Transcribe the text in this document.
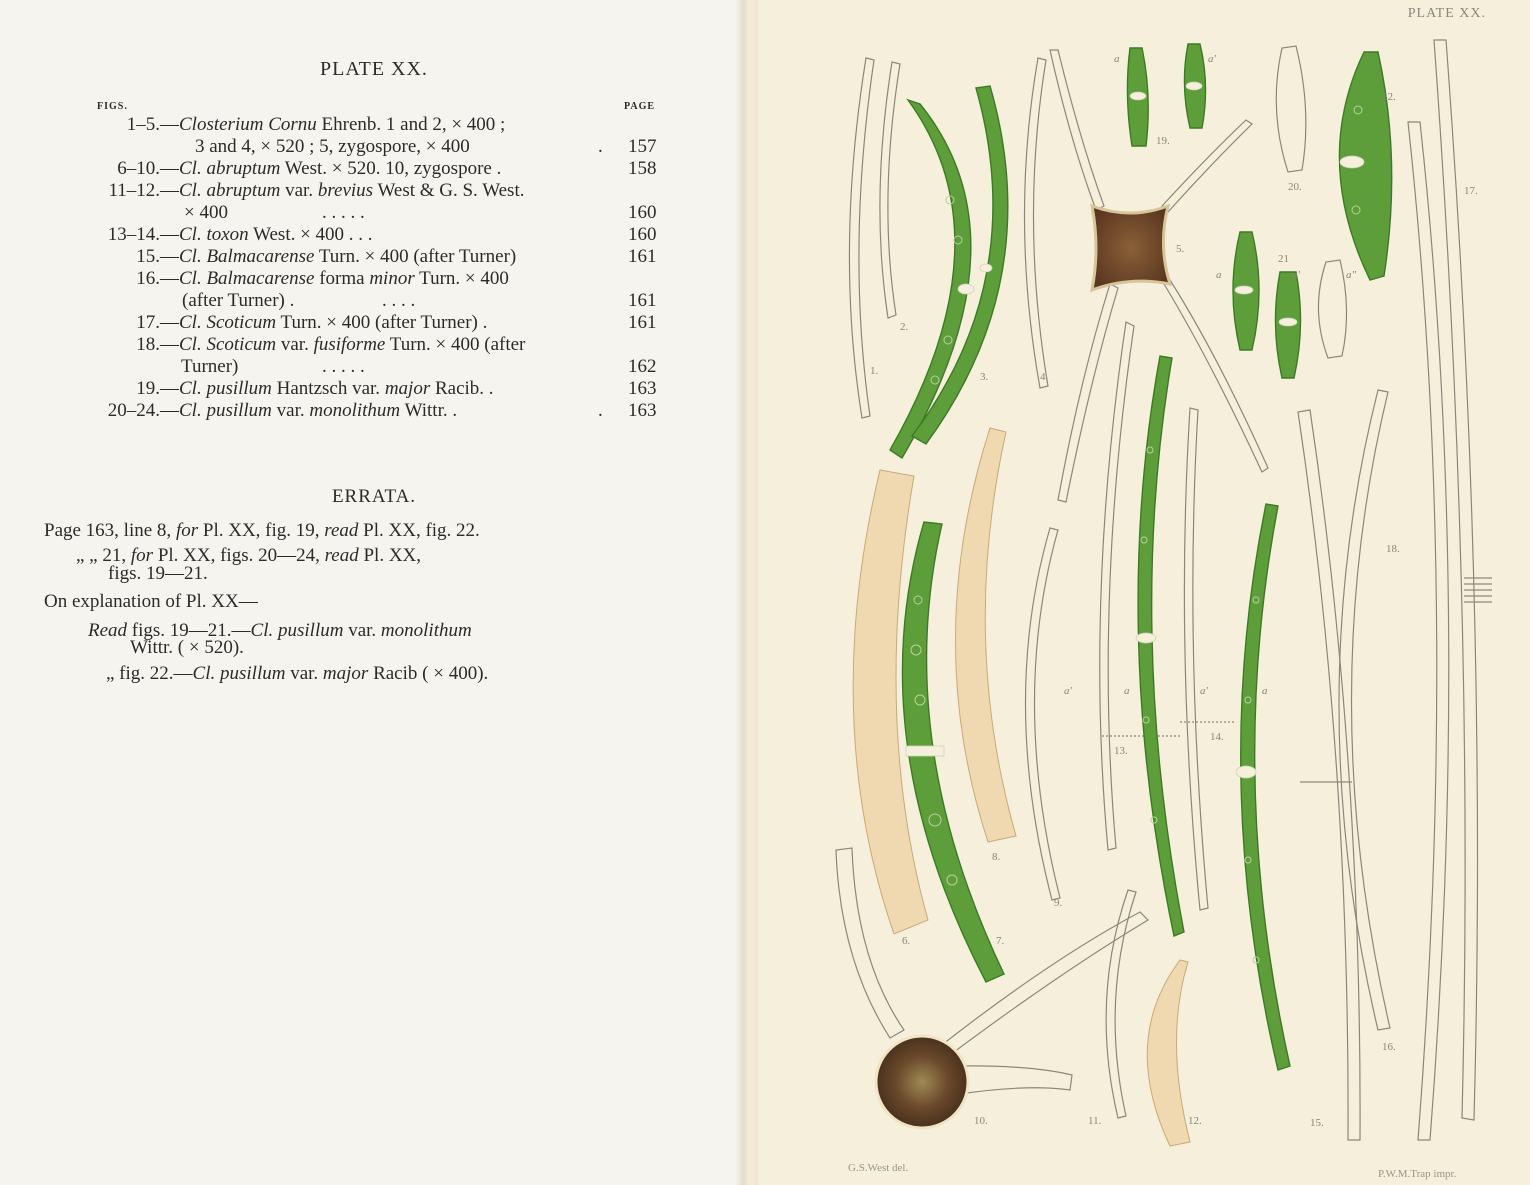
PLATE XX.
FIGS.	PAGE
1–5. —Closterium Cornu Ehrenb. 1 and 2, × 400 ;
3 and 4, × 520 ; 5, zygospore, × 400	. 157
6–10. —Cl. abruptum West. × 520. 10, zygospore .	158
11–12. —Cl. abruptum var. brevius West & G. S. West.
× 400	. . . . .	160
13–14. —Cl. toxon West. × 400 . . .	160
15. —Cl. Balmacarense Turn. × 400 (after Turner)	161
16. —Cl. Balmacarense forma minor Turn. × 400
(after Turner) .	. . . .	161
17. —Cl. Scoticum Turn. × 400 (after Turner) .	161
18. —Cl. Scoticum var. fusiforme Turn. × 400 (after
Turner)	. . . . .	162
19. —Cl. pusillum Hantzsch var. major Racib. .	163
20–24. —Cl. pusillum var. monolithum Wittr. .	. 163
ERRATA.
Page 163, line 8, for Pl. XX, fig. 19, read Pl. XX, fig. 22.
„ „ 21, for Pl. XX, figs. 20—24, read Pl. XX,
figs. 19—21.
On explanation of Pl. XX—
Read figs. 19—21.—Cl. pusillum var. monolithum
Wittr. ( × 520).
„ fig. 22.—Cl. pusillum var. major Racib ( × 400).
PLATE XX.
1.
2.
3.	4.
5.
6.	7.
8.
9.
10.	11.	12.
13.
14.
15.
16.
17.
18.
19.
20.
21
22.
a	a'
a	a'	a"
a'	a	a'	a
G.S.West del.	P.W.M.Trap impr.
